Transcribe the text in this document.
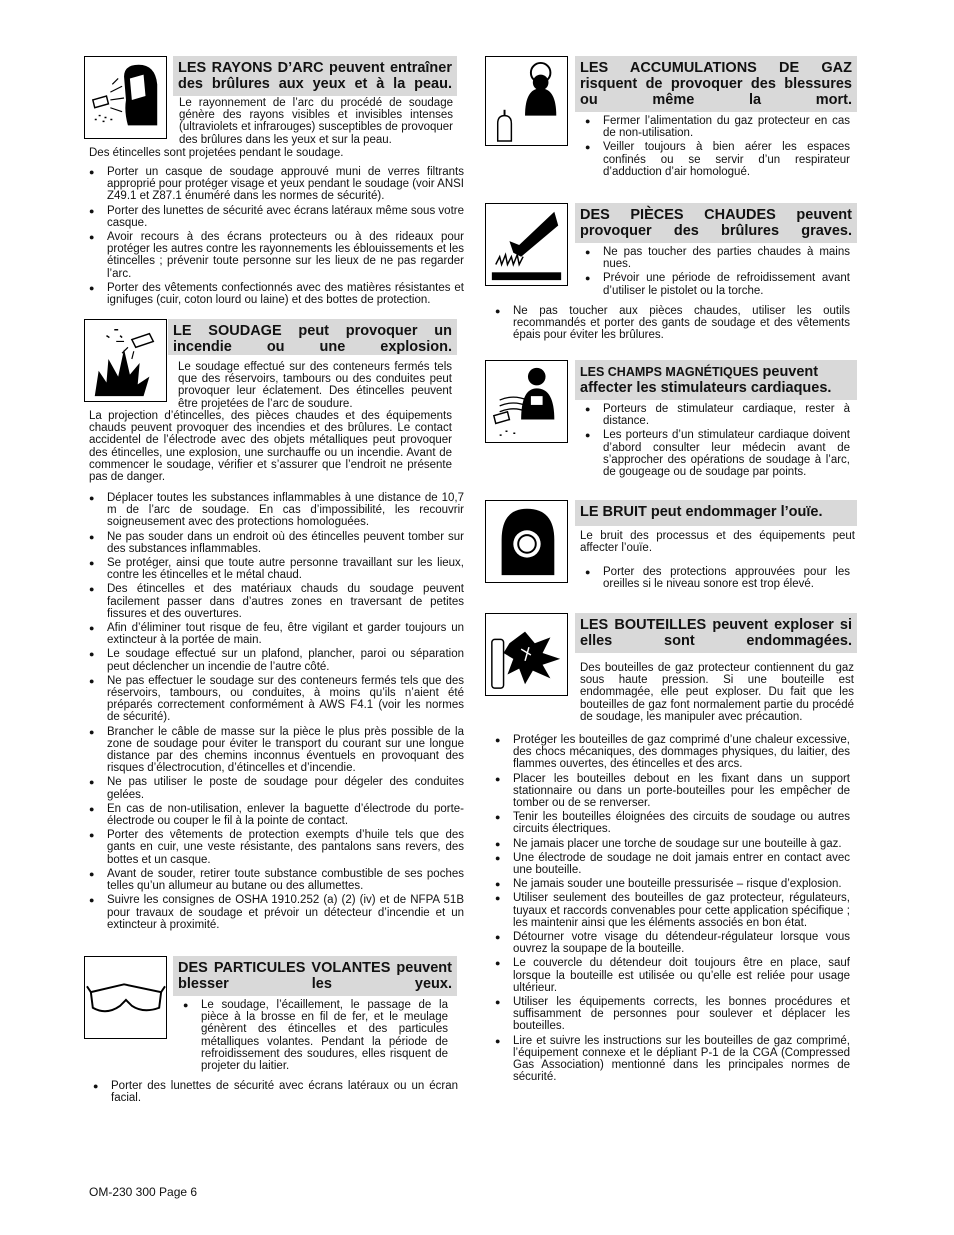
LES RAYONS D’ARC peuvent entraîner des brûlures aux yeux et à la peau.

Le rayonnement de l’arc du procédé de soudage génère des rayons visibles et invisibles intenses (ultraviolets et infrarouges) susceptibles de provoquer des brûlures dans les yeux et sur la peau.

Des étincelles sont projetées pendant le soudage.

● Porter un casque de soudage approuvé muni de verres filtrants approprié pour protéger visage et yeux pendant le soudage (voir ANSI Z49.1 et Z87.1 énuméré dans les normes de sécurité).
● Porter des lunettes de sécurité avec écrans latéraux même sous votre casque.
● Avoir recours à des écrans protecteurs ou à des rideaux pour protéger les autres contre les rayonnements les éblouissements et les étincelles ; prévenir toute personne sur les lieux de ne pas regarder l’arc.
● Porter des vêtements confectionnés avec des matières résistantes et ignifuges (cuir, coton lourd ou laine) et des bottes de protection.
LE SOUDAGE peut provoquer un incendie ou une explosion.

Le soudage effectué sur des conteneurs fermés tels que des réservoirs, tambours ou des conduites peut provoquer leur éclatement. Des étincelles peuvent être projetées de l’arc de soudure.

La projection d’étincelles, des pièces chaudes et des équipements chauds peuvent provoquer des incendies et des brûlures. Le contact accidentel de l’électrode avec des objets métalliques peut provoquer des étincelles, une explosion, une surchauffe ou un incendie. Avant de commencer le soudage, vérifier et s’assurer que l’endroit ne présente pas de danger.

● Déplacer toutes les substances inflammables à une distance de 10,7 m de l’arc de soudage. En cas d’impossibilité, les recouvrir soigneusement avec des protections homologuées.
● Ne pas souder dans un endroit où des étincelles peuvent tomber sur des substances inflammables.
● Se protéger, ainsi que toute autre personne travaillant sur les lieux, contre les étincelles et le métal chaud.
● Des étincelles et des matériaux chauds du soudage peuvent facilement passer dans d’autres zones en traversant de petites fissures et des ouvertures.
● Afin d’éliminer tout risque de feu, être vigilant et garder toujours un extincteur à la portée de main.
● Le soudage effectué sur un plafond, plancher, paroi ou séparation peut déclencher un incendie de l’autre côté.
● Ne pas effectuer le soudage sur des conteneurs fermés tels que des réservoirs, tambours, ou conduites, à moins qu’ils n’aient été préparés correctement conformément à AWS F4.1 (voir les normes de sécurité).
● Brancher le câble de masse sur la pièce le plus près possible de la zone de soudage pour éviter le transport du courant sur une longue distance par des chemins inconnus éventuels en provoquant des risques d’électrocution, d’étincelles et d’incendie.
● Ne pas utiliser le poste de soudage pour dégeler des conduites gelées.
● En cas de non-utilisation, enlever la baguette d’électrode du porte-électrode ou couper le fil à la pointe de contact.
● Porter des vêtements de protection exempts d’huile tels que des gants en cuir, une veste résistante, des pantalons sans revers, des bottes et un casque.
● Avant de souder, retirer toute substance combustible de ses poches telles qu’un allumeur au butane ou des allumettes.
● Suivre les consignes de OSHA 1910.252 (a) (2) (iv) et de NFPA 51B pour travaux de soudage et prévoir un détecteur d’incendie et un extincteur à proximité.
DES PARTICULES VOLANTES peuvent blesser les yeux.
● Le soudage, l’écaillement, le passage de la pièce à la brosse en fil de fer, et le meulage génèrent des étincelles et des particules métalliques volantes. Pendant la période de refroidissement des soudures, elles risquent de projeter du laitier.
● Porter des lunettes de sécurité avec écrans latéraux ou un écran facial.
LES ACCUMULATIONS DE GAZ risquent de provoquer des blessures ou même la mort.
● Fermer l’alimentation du gaz protecteur en cas de non-utilisation.
● Veiller toujours à bien aérer les espaces confinés ou se servir d’un respirateur d’adduction d’air homologué.
DES PIÈCES CHAUDES peuvent provoquer des brûlures graves.
● Ne pas toucher des parties chaudes à mains nues.
● Prévoir une période de refroidissement avant d’utiliser le pistolet ou la torche.
● Ne pas toucher aux pièces chaudes, utiliser les outils recommandés et porter des gants de soudage et des vêtements épais pour éviter les brûlures.
LES CHAMPS MAGNÉTIQUES peuvent affecter les stimulateurs cardiaques.
● Porteurs de stimulateur cardiaque, rester à distance.
● Les porteurs d’un stimulateur cardiaque doivent d’abord consulter leur médecin avant de s’approcher des opérations de soudage à l’arc, de gougeage ou de soudage par points.
LE BRUIT peut endommager l’ouïe.

Le bruit des processus et des équipements peut affecter l’ouïe.

● Porter des protections approuvées pour les oreilles si le niveau sonore est trop élevé.
LES BOUTEILLES peuvent exploser si elles sont endommagées.

Des bouteilles de gaz protecteur contiennent du gaz sous haute pression. Si une bouteille est endommagée, elle peut exploser. Du fait que les bouteilles de gaz font normalement partie du procédé de soudage, les manipuler avec précaution.

● Protéger les bouteilles de gaz comprimé d’une chaleur excessive, des chocs mécaniques, des dommages physiques, du laitier, des flammes ouvertes, des étincelles et des arcs.
● Placer les bouteilles debout en les fixant dans un support stationnaire ou dans un porte-bouteilles pour les empêcher de tomber ou de se renverser.
● Tenir les bouteilles éloignées des circuits de soudage ou autres circuits électriques.
● Ne jamais placer une torche de soudage sur une bouteille à gaz.
● Une électrode de soudage ne doit jamais entrer en contact avec une bouteille.
● Ne jamais souder une bouteille pressurisée – risque d’explosion.
● Utiliser seulement des bouteilles de gaz protecteur, régulateurs, tuyaux et raccords convenables pour cette application spécifique ; les maintenir ainsi que les éléments associés en bon état.
● Détourner votre visage du détendeur-régulateur lorsque vous ouvrez la soupape de la bouteille.
● Le couvercle du détendeur doit toujours être en place, sauf lorsque la bouteille est utilisée ou qu’elle est reliée pour usage ultérieur.
● Utiliser les équipements corrects, les bonnes procédures et suffisamment de personnes pour soulever et déplacer les bouteilles.
● Lire et suivre les instructions sur les bouteilles de gaz comprimé, l’équipement connexe et le dépliant P-1 de la CGA (Compressed Gas Association) mentionné dans les principales normes de sécurité.
OM-230 300 Page 6
